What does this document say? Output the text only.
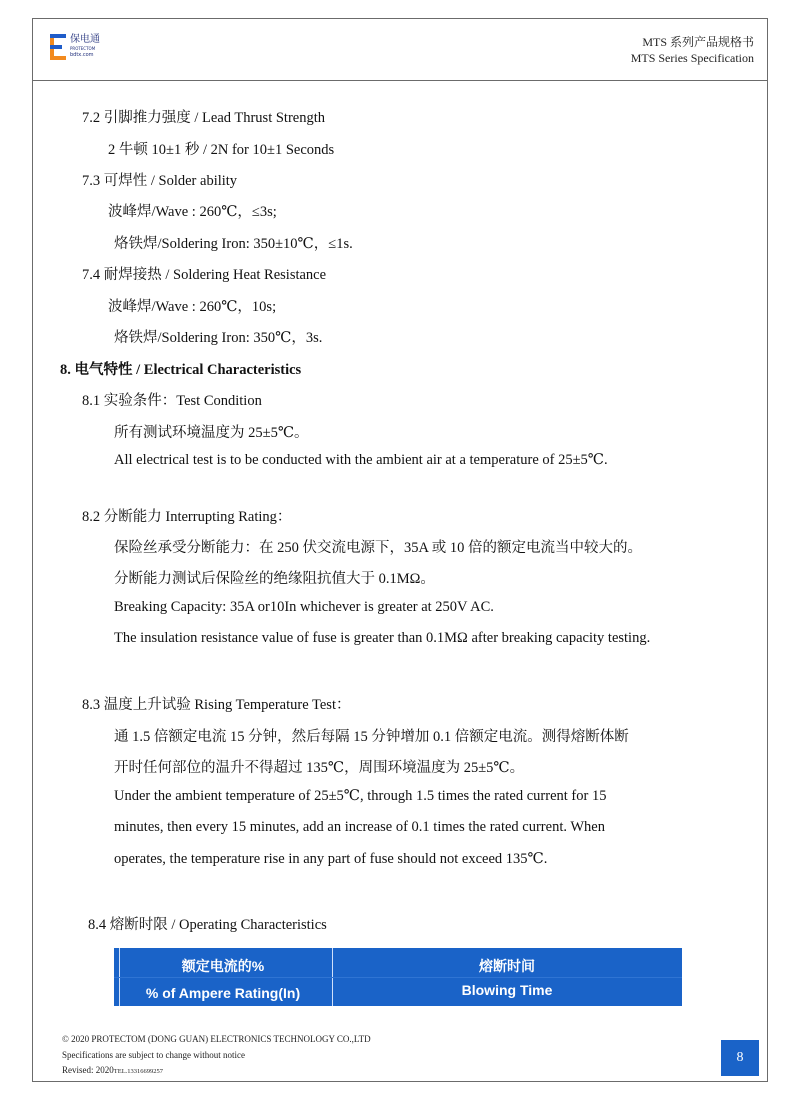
保电通
PROTECTOM
bdtx.com
MTS 系列产品规格书
MTS Series Specification
7.2 引脚推力强度 / Lead Thrust Strength
2 牛顿 10±1 秒 / 2N for 10±1 Seconds
7.3 可焊性 / Solder ability
波峰焊/Wave : 260℃，≤3s;
烙铁焊/Soldering Iron: 350±10℃，≤1s.
7.4 耐焊接热 / Soldering Heat Resistance
波峰焊/Wave : 260℃，10s;
烙铁焊/Soldering Iron: 350℃，3s.
8. 电气特性 / Electrical Characteristics
8.1 实验条件：Test Condition
所有测试环境温度为 25±5℃。
All electrical test is to be conducted with the ambient air at a temperature of 25±5℃.
8.2 分断能力 Interrupting Rating：
保险丝承受分断能力：在 250 伏交流电源下，35A 或 10 倍的额定电流当中较大的。
分断能力测试后保险丝的绝缘阻抗值大于 0.1MΩ。
Breaking Capacity: 35A or10In whichever is greater at 250V AC.
The insulation resistance value of fuse is greater than 0.1MΩ after breaking capacity testing.
8.3 温度上升试验 Rising Temperature Test：
通 1.5 倍额定电流 15 分钟，然后每隔 15 分钟增加 0.1 倍额定电流。测得熔断体断
开时任何部位的温升不得超过 135℃，周围环境温度为 25±5℃。
Under the ambient temperature of 25±5℃, through 1.5 times the rated current for 15
minutes, then every 15 minutes, add an increase of 0.1 times the rated current. When
operates, the temperature rise in any part of fuse should not exceed 135℃.
8.4 熔断时限 / Operating Characteristics
额定电流的%
% of Ampere Rating(In)
熔断时间
Blowing Time
© 2020 PROTECTOM (DONG GUAN) ELECTRONICS TECHNOLOGY CO.,LTD
Specifications are subject to change without notice
Revised: 2020TEL.13316699257
8
